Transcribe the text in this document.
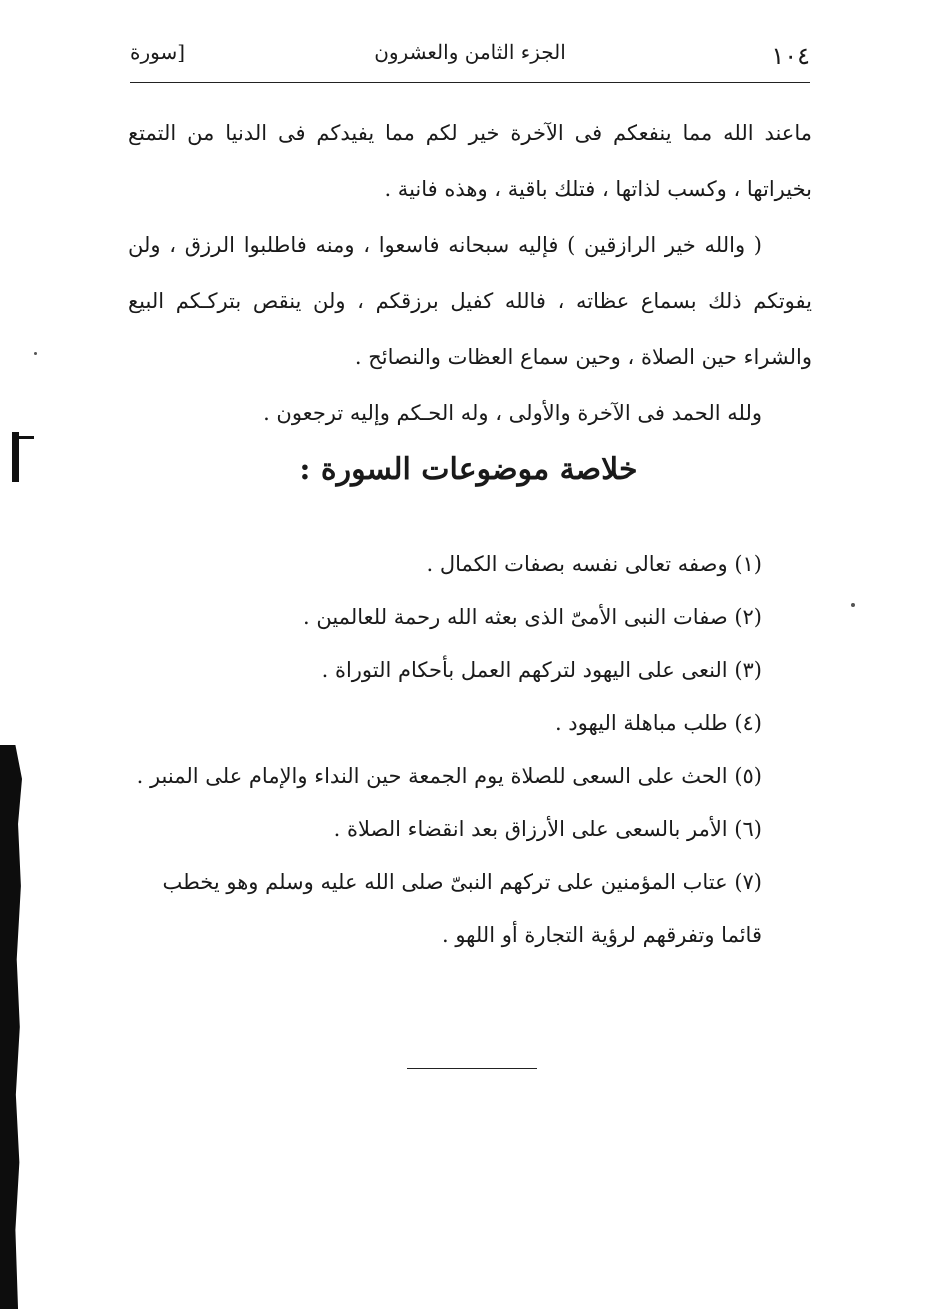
١٠٤
الجزء الثامن والعشرون
[سورة

ماعند الله مما ينفعكم فى الآخرة خير لكم مما يفيدكم فى الدنيا من التمتع بخيراتها ، وكسب لذاتها ، فتلك باقية ، وهذه فانية .

( والله خير الرازقين ) فإليه سبحانه فاسعوا ، ومنه فاطلبوا الرزق ، ولن يفوتكم ذلك بسماع عظاته ، فالله كفيل برزقكم ، ولن ينقص بتركـكم البيع والشراء حين الصلاة ، وحين سماع العظات والنصائح .

ولله الحمد فى الآخرة والأولى ، وله الحـكم وإليه ترجعون .

خلاصة موضوعات السورة :
(١) وصفه تعالى نفسه بصفات الكمال .
(٢) صفات النبى الأمىّ الذى بعثه الله رحمة للعالمين .
(٣) النعى على اليهود لتركهم العمل بأحكام التوراة .
(٤) طلب مباهلة اليهود .
(٥) الحث على السعى للصلاة يوم الجمعة حين النداء والإمام على المنبر .
(٦) الأمر بالسعى على الأرزاق بعد انقضاء الصلاة .
(٧) عتاب المؤمنين على تركهم النبىّ صلى الله عليه وسلم وهو يخطب قائما وتفرقهم لرؤية التجارة أو اللهو .
